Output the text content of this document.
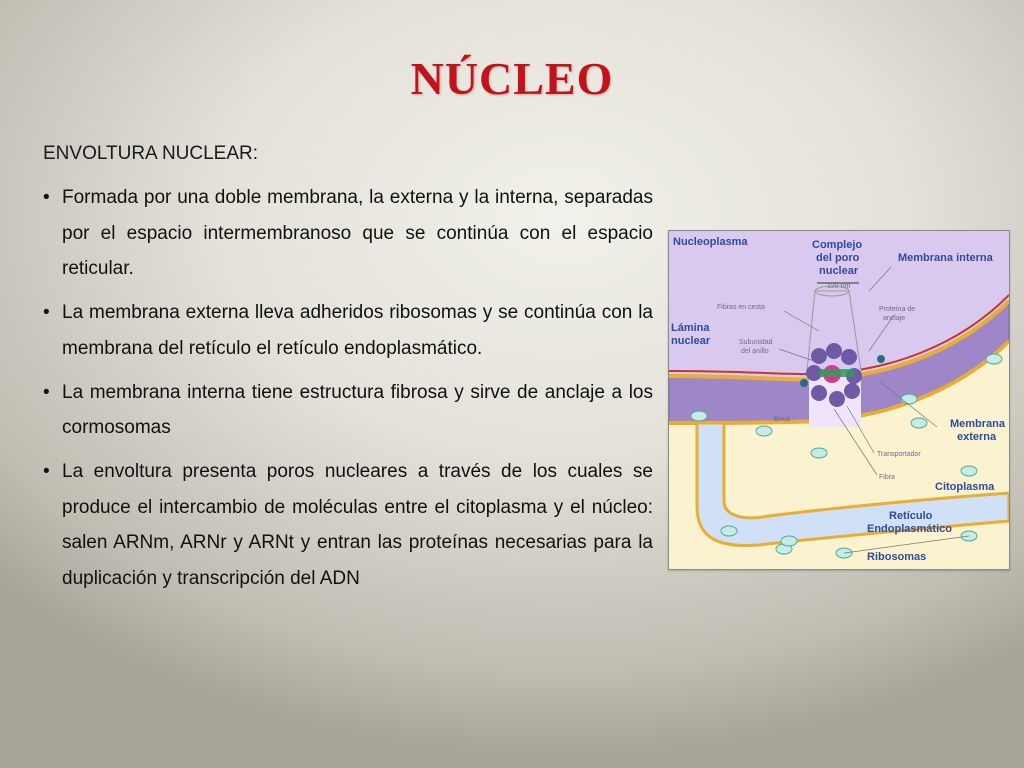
NÚCLEO
ENVOLTURA NUCLEAR:
• Formada por una doble membrana, la externa y la interna, separadas por el espacio intermembranoso que se continúa con el espacio reticular.
• La membrana externa lleva adheridos ribosomas y se continúa con la membrana del retículo el retículo endoplasmático.
• La membrana interna tiene estructura fibrosa y sirve de anclaje a los cormosomas
• La envoltura presenta poros nucleares a través de los cuales se produce el intercambio de moléculas entre el citoplasma y el núcleo: salen ARNm, ARNr y ARNt y entran las proteínas necesarias para la duplicación y transcripción del ADN
Nucleoplasma	Complejo
del poro
nuclear
120 nm
Membrana interna
Fibras en cesta	Proteína de
anclaje
Lámina
nuclear	Subunidad
del anillo
Boca
Transportador
Fibra
Membrana
externa
Citoplasma
Retículo
Endoplasmático
Ribosomas
